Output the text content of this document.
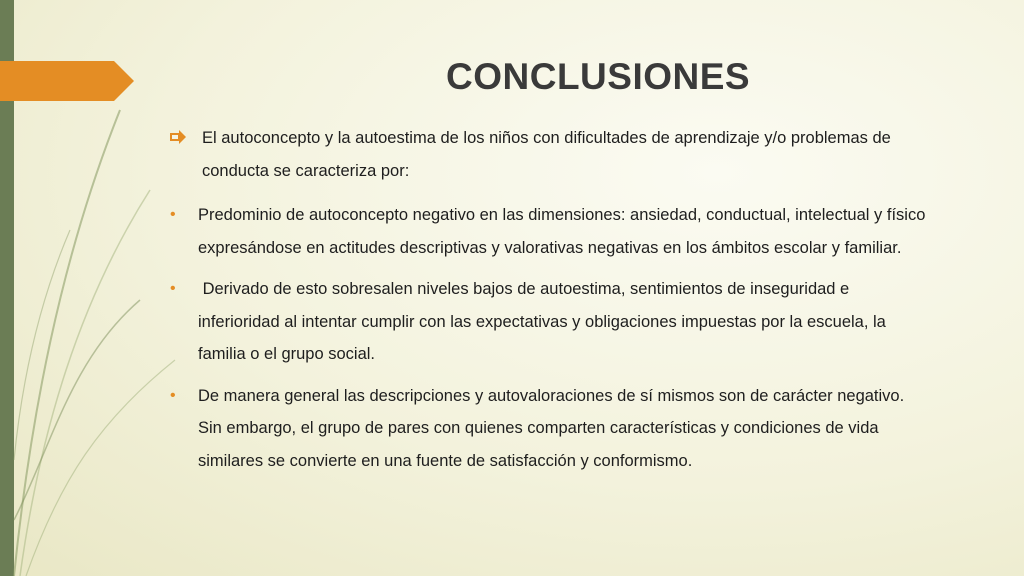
CONCLUSIONES
El autoconcepto y la autoestima de los niños con dificultades de aprendizaje y/o problemas de conducta se caracteriza por:
•	Predominio de autoconcepto negativo en las dimensiones: ansiedad, conductual, intelectual y físico expresándose en actitudes descriptivas y valorativas negativas en los ámbitos escolar y familiar.
•	Derivado de esto sobresalen niveles bajos de autoestima, sentimientos de inseguridad e inferioridad al intentar cumplir con las expectativas y obligaciones impuestas por la escuela, la familia o el grupo social.
•	De manera general las descripciones y autovaloraciones de sí mismos son de carácter negativo. Sin embargo, el grupo de pares con quienes comparten características y condiciones de vida similares se convierte en una fuente de satisfacción y conformismo.
